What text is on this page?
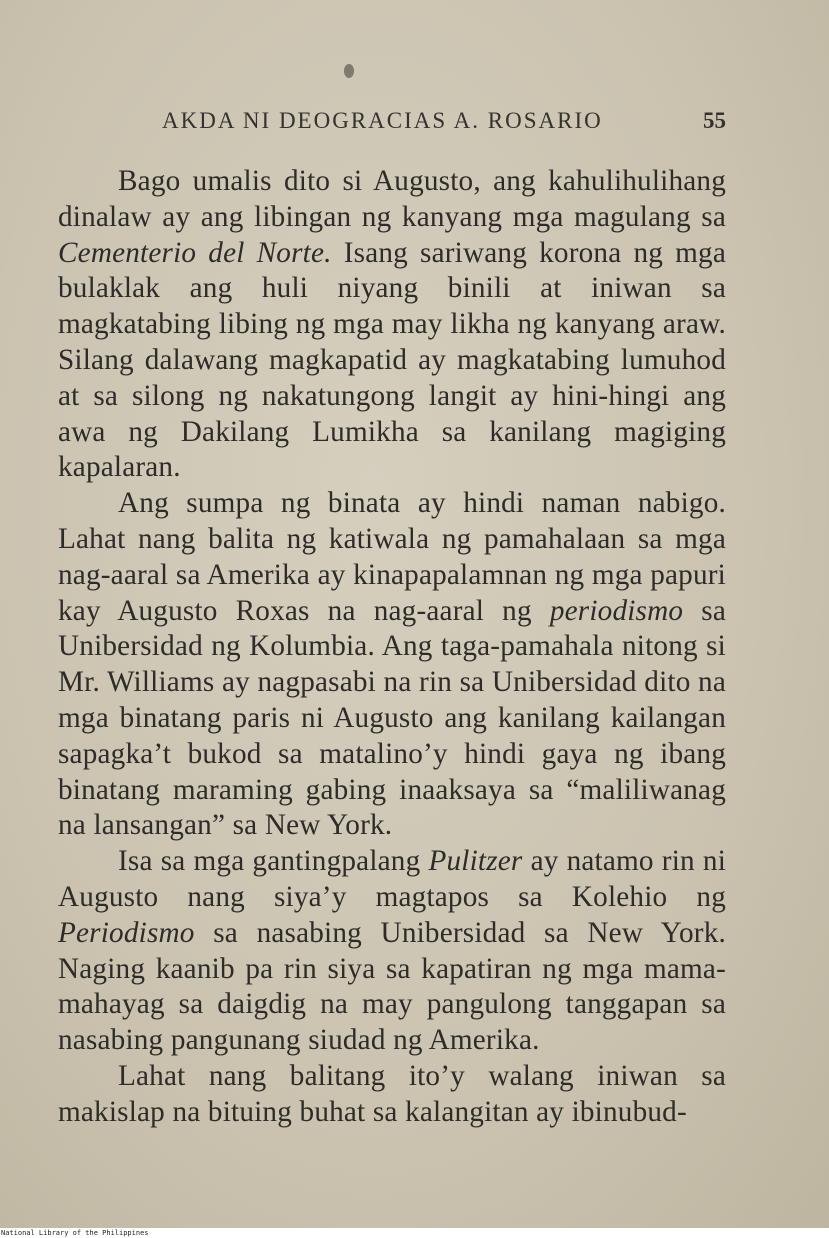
AKDA NI DEOGRACIAS A. ROSARIO	55

Bago umalis dito si Augusto, ang kahulihulihang dinalaw ay ang libingan ng kanyang mga magulang sa Cementerio del Norte. Isang sariwang korona ng mga bulaklak ang huli niyang binili at iniwan sa magkatabing libing ng mga may likha ng kanyang araw. Silang dalawang magkapatid ay magkatabing lumuhod at sa silong ng nakatungong langit ay hini-hingi ang awa ng Dakilang Lumikha sa kanilang magiging kapalaran.

Ang sumpa ng binata ay hindi naman nabigo. Lahat nang balita ng katiwala ng pamahalaan sa mga nag-aaral sa Amerika ay kinapapalamnan ng mga papuri kay Augusto Roxas na nag-aaral ng periodismo sa Unibersidad ng Kolumbia. Ang taga-pamahala nitong si Mr. Williams ay nagpasabi na rin sa Unibersidad dito na mga binatang paris ni Augusto ang kanilang kailangan sapagka’t bukod sa matalino’y hindi gaya ng ibang binatang maraming gabing inaaksaya sa “maliliwanag na lansangan” sa New York.

Isa sa mga gantingpalang Pulitzer ay natamo rin ni Augusto nang siya’y magtapos sa Kolehio ng Periodismo sa nasabing Unibersidad sa New York. Naging kaanib pa rin siya sa kapatiran ng mga mama-mahayag sa daigdig na may pangulong tanggapan sa nasabing pangunang siudad ng Amerika.

Lahat nang balitang ito’y walang iniwan sa makislap na bituing buhat sa kalangitan ay ibinubud-

National Library of the Philippines
